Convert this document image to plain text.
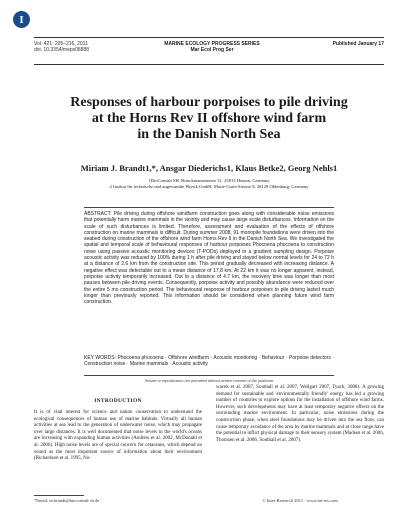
I
Vol. 421: 205–216, 2011
doi: 10.3354/meps08888
MARINE ECOLOGY PROGRESS SERIES
Mar Ecol Prog Ser
Published January 17
Responses of harbour porpoises to pile driving
at the Horns Rev II offshore wind farm
in the Danish North Sea
Miriam J. Brandt1,*, Ansgar Diederichs1, Klaus Betke2, Georg Nehls1
1BioConsult SH, Brinckmannstrasse 31, 25813 Husum, Germany
2 Institut für technische und angewandte Physik GmbH, Marie-Curie-Strasse 8, 26129 Oldenburg, Germany
ABSTRACT: Pile driving during offshore windfarm construction goes along with considerable noise emissions that potentially harm marine mammals in the vicinity and may cause large scale disturbances. Information on the scale of such disturbances is limited. Therefore, assessment and evaluation of the effects of offshore construction on marine mammals is difficult. During summer 2008, 91 monopile foundations were driven into the seabed during construction of the offshore wind farm Horns Rev II in the Danish North Sea. We investigated the spatial and temporal scale of behavioural responses of harbour porpoises Phocoena phocoena to construction noise using passive acoustic monitoring devices (T-PODs) deployed in a gradient sampling design. Porpoise acoustic activity was reduced by 100% during 1 h after pile driving and stayed below normal levels for 24 to 72 h at a distance of 2.6 km from the construction site. This period gradually decreased with increasing distance. A negative effect was detectable out to a mean distance of 17.8 km. At 22 km it was no longer apparent, instead, porpoise activity temporarily increased. Out to a distance of 4.7 km, the recovery time was longer than most pauses between pile driving events. Consequently, porpoise activity and possibly abundance were reduced over the entire 5 mo construction period. The behavioural response of harbour porpoises to pile driving lasted much longer than previously reported. This information should be considered when planning future wind farm construction.
KEY WORDS: Phocoena phocoena · Offshore windfarm · Acoustic monitoring · Behaviour · Porpoise detectors · Construction noise · Marine mammals · Acoustic activity
Resale or republication not permitted without written consent of the publisher
INTRODUCTION
It is of vital interest for science and nature conservation to understand the ecological consequences of human use of marine habitats. Virtually all human activities at sea lead to the generation of underwater noise, which may propagate over large distances. It is well documented that noise levels in the world's oceans are increasing with expanding human activities (Andrew et al. 2002, McDonald et al. 2006). High noise levels are of special concern for cetaceans, which depend on sound as the most important source of information about their environment (Richardson et al. 1995, No-
wacek et al. 2007, Southall et al. 2007, Weilgart 2007, Tyack, 2008). A growing demand for sustainable and 'environmentally friendly' energy has led a growing number of countries to explore options for the installation of offshore wind farms. However, such developments may have at least temporary negative effects on the surrounding marine environment. In particular, noise emissions during the construction phase, when steel foundations may be driven into the sea floor, can cause temporary avoidance of the area by marine mammals and at close range have the potential to inflict physical damage to their sensory system (Madsen et al. 2006, Thomsen et al. 2006, Southall et al. 2007).
*Email: m.brandt@bioconsult-sh.de	© Inter-Research 2011 · www.int-res.com
